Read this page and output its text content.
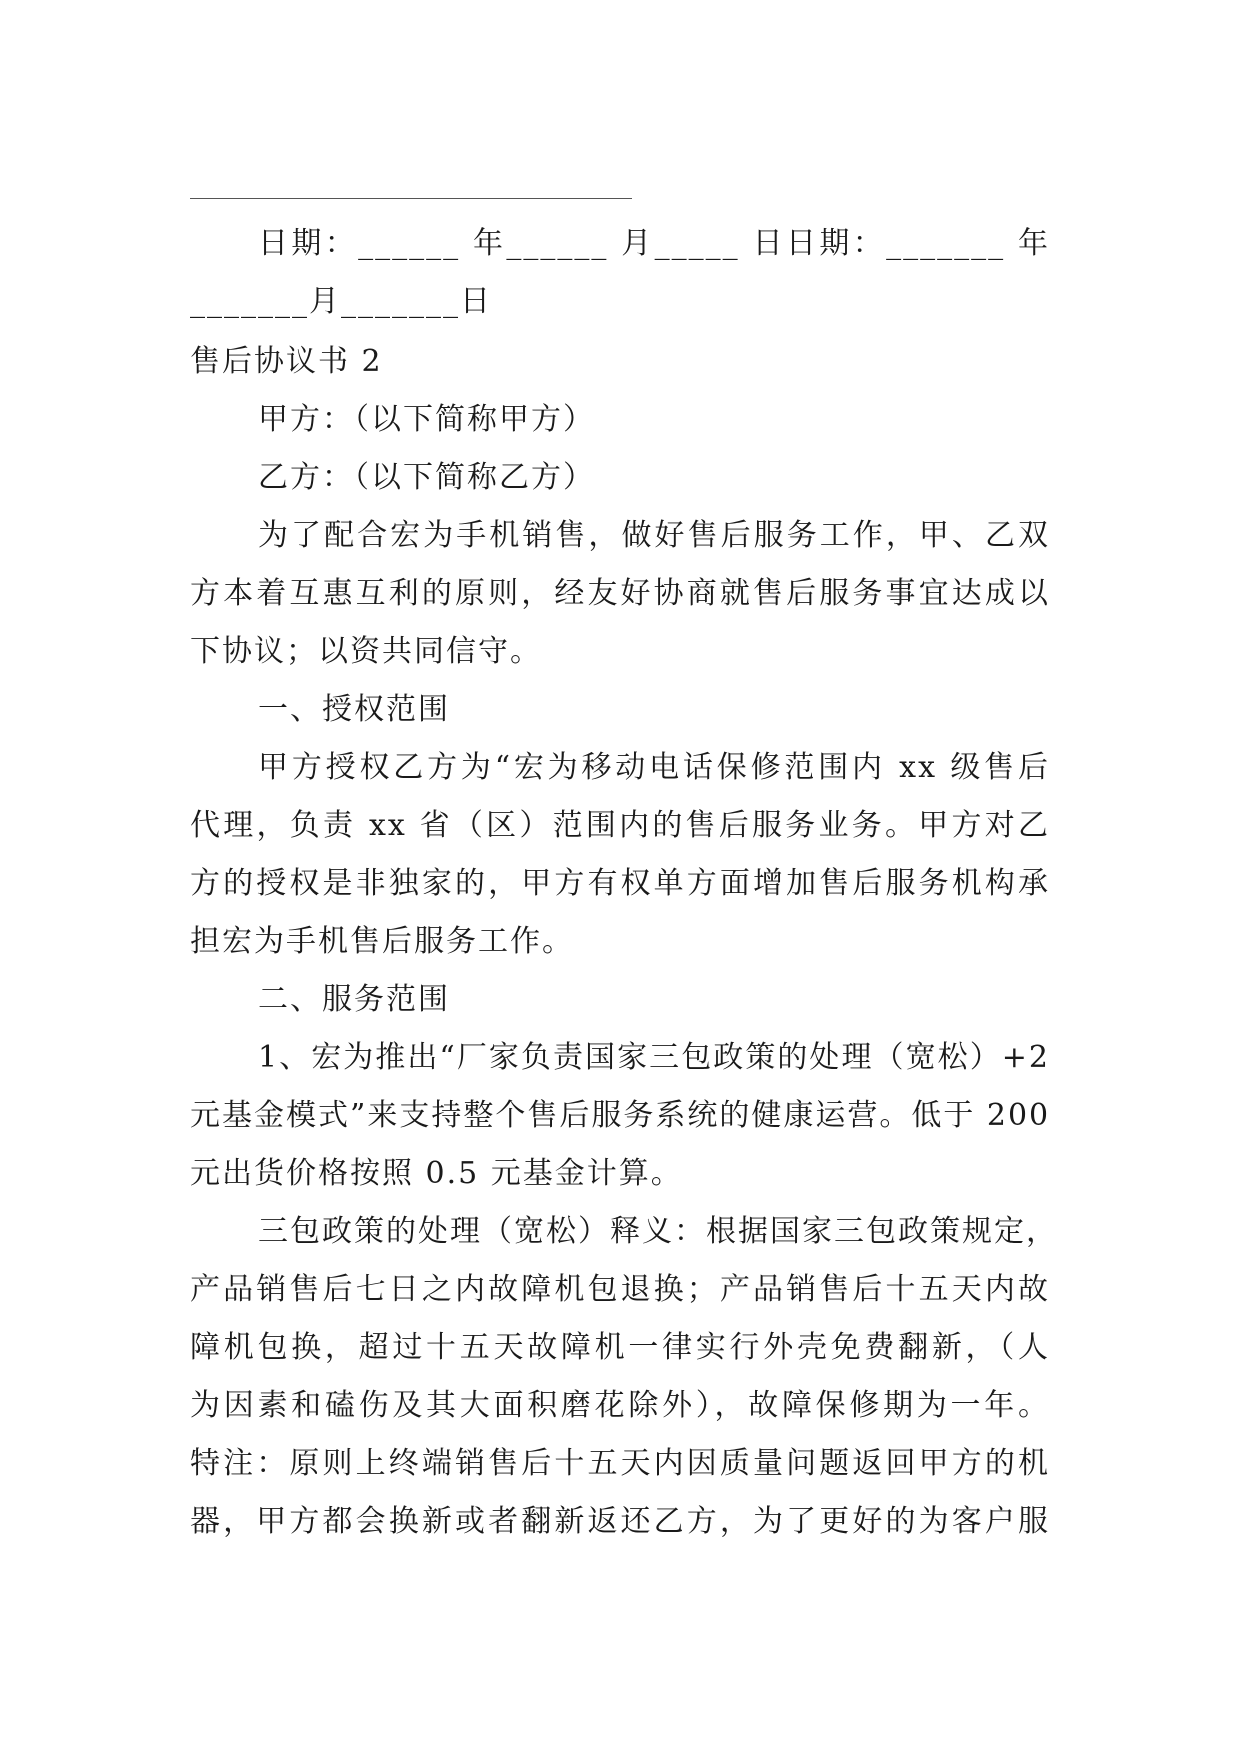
日期：______ 年______ 月_____ 日日期：_______ 年
_______月_______日
售后协议书 2
甲方：（以下简称甲方）
乙方：（以下简称乙方）
为了配合宏为手机销售，做好售后服务工作，甲、乙双
方本着互惠互利的原则，经友好协商就售后服务事宜达成以
下协议；以资共同信守。
一、授权范围
甲方授权乙方为“宏为移动电话保修范围内 xx 级售后
代理，负责 xx 省（区）范围内的售后服务业务。甲方对乙
方的授权是非独家的，甲方有权单方面增加售后服务机构承
担宏为手机售后服务工作。
二、服务范围
1、宏为推出“厂家负责国家三包政策的处理（宽松）+2
元基金模式”来支持整个售后服务系统的健康运营。低于 200
元出货价格按照 0.5 元基金计算。
三包政策的处理（宽松）释义：根据国家三包政策规定，
产品销售后七日之内故障机包退换；产品销售后十五天内故
障机包换，超过十五天故障机一律实行外壳免费翻新，（人
为因素和磕伤及其大面积磨花除外），故障保修期为一年。
特注：原则上终端销售后十五天内因质量问题返回甲方的机
器，甲方都会换新或者翻新返还乙方，为了更好的为客户服
